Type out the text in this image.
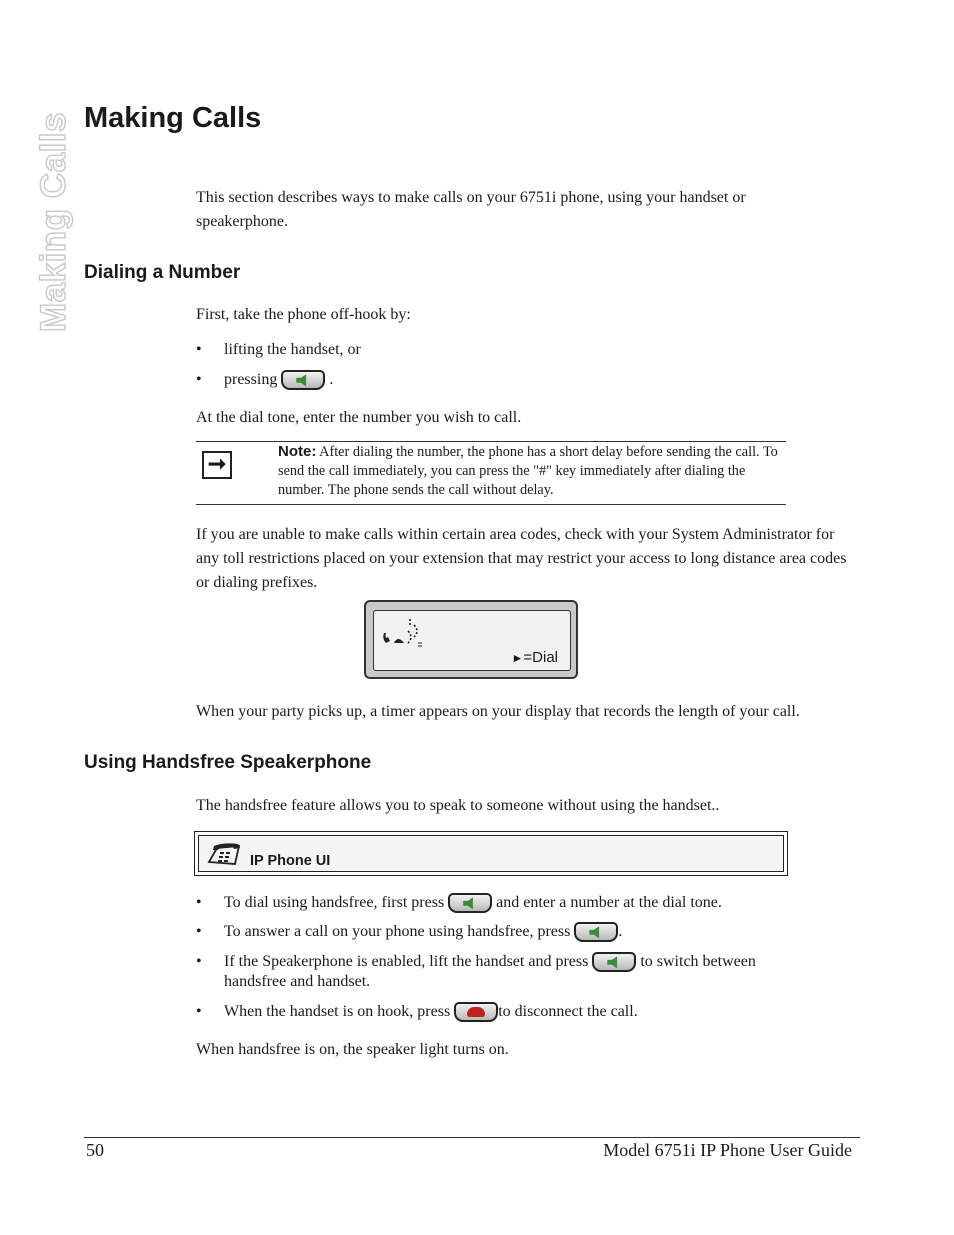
Making Calls Making Calls

This section describes ways to make calls on your 6751i phone, using your handset or speakerphone.

Dialing a Number

First, take the phone off-hook by:

• lifting the handset, or
• pressing	.

At the dial tone, enter the number you wish to call.

➞	Note: After dialing the number, the phone has a short delay before sending the call. To send the call immediately, you can press the "#" key immediately after dialing the number. The phone sends the call without delay.

If you are unable to make calls within certain area codes, check with your System Administrator for any toll restrictions placed on your extension that may restrict your access to long distance area codes or dialing prefixes.

►=Dial

When your party picks up, a timer appears on your display that records the length of your call.

Using Handsfree Speakerphone

The handsfree feature allows you to speak to someone without using the handset..

IP Phone UI
• To dial using handsfree, first press	and enter a number at the dial tone.
• To answer a call on your phone using handsfree, press	.
• If the Speakerphone is enabled, lift the handset and press	to switch between
handsfree and handset.
• When the handset is on hook, press	to disconnect the call.

When handsfree is on, the speaker light turns on.

50	Model 6751i IP Phone User Guide
